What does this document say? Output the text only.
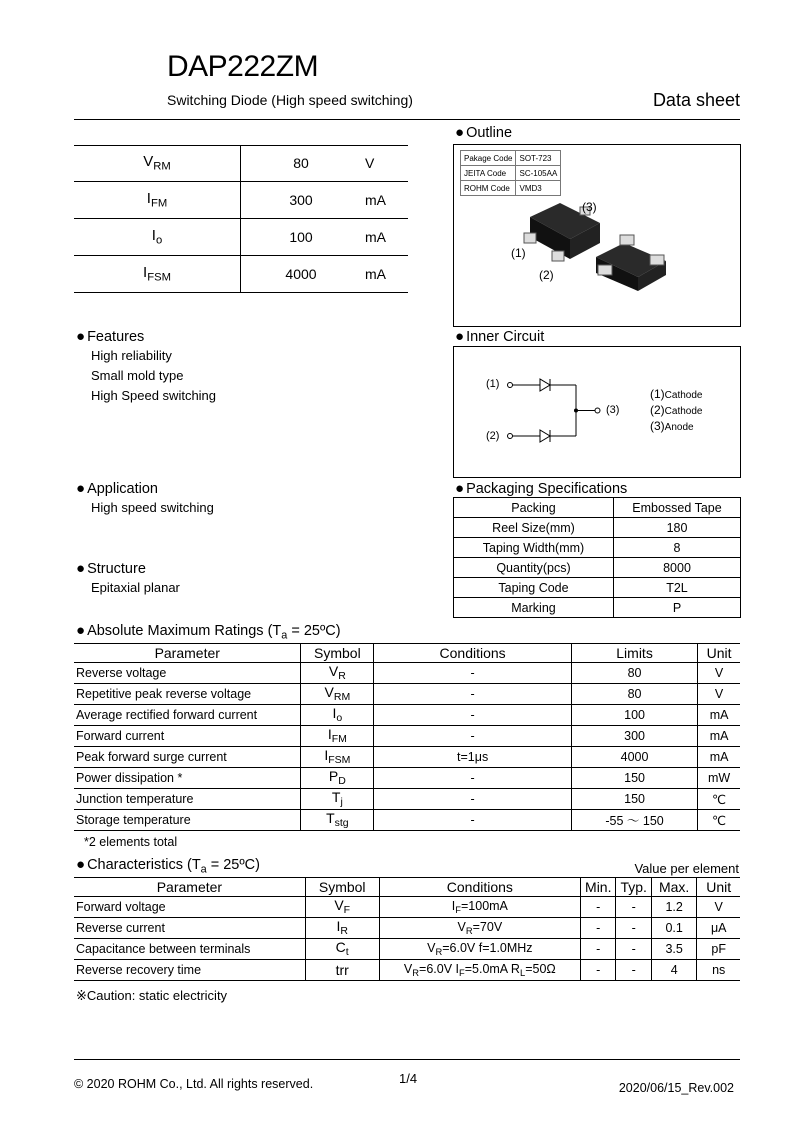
DAP222ZM
Switching Diode (High speed switching)	Data sheet
$V_{RM}$	80	V
$I_{FM}$	300	mA
$I_o$	100	mA
$I_{FSM}$	4000	mA
● Outline
Pakage Code	SOT-723
JEITA Code	SC-105AA
ROHM Code	VMD3
(3)
(1)
(2)
● Features
High reliability
Small mold type
High Speed switching
● Inner Circuit
(1)
(2)
(3)
(1)Cathode
(2)Cathode
(3)Anode
● Application
High speed switching
● Structure
Epitaxial planar
● Packaging Specifications
Packing	Embossed Tape
Reel Size(mm)	180
Taping Width(mm)	8
Quantity(pcs)	8000
Taping Code	T2L
Marking	P
● Absolute Maximum Ratings ($T_a$ = 25ºC)
Parameter	Symbol	Conditions	Limits	Unit
Reverse voltage	$V_R$	-	80	V
Repetitive peak reverse voltage	$V_{RM}$	-	80	V
Average rectified forward current	$I_o$	-	100	mA
Forward current	$I_{FM}$	-	300	mA
Peak forward surge current	$I_{FSM}$	t=1μs	4000	mA
Power dissipation *	$P_D$	-	150	mW
Junction temperature	$T_j$	-	150	℃
Storage temperature	$T_{stg}$	-	-55 ～ 150	℃
*2 elements total
● Characteristics ($T_a$ = 25ºC)	Value per element
Parameter	Symbol	Conditions	Min.	Typ.	Max.	Unit
Forward voltage	$V_F$	$I_F=100mA$	-	-	1.2	V
Reverse current	$I_R$	$V_R=70V$	-	-	0.1	μA
Capacitance between terminals	$C_t$	$V_R=6.0V$ f=1.0MHz	-	-	3.5	pF
Reverse recovery time	trr	$V_R=6.0V$ $I_F=5.0mA$ $R_L=50\Omega$	-	-	4	ns
※Caution: static electricity
© 2020 ROHM Co., Ltd. All rights reserved.	1/4
2020/06/15_Rev.002
